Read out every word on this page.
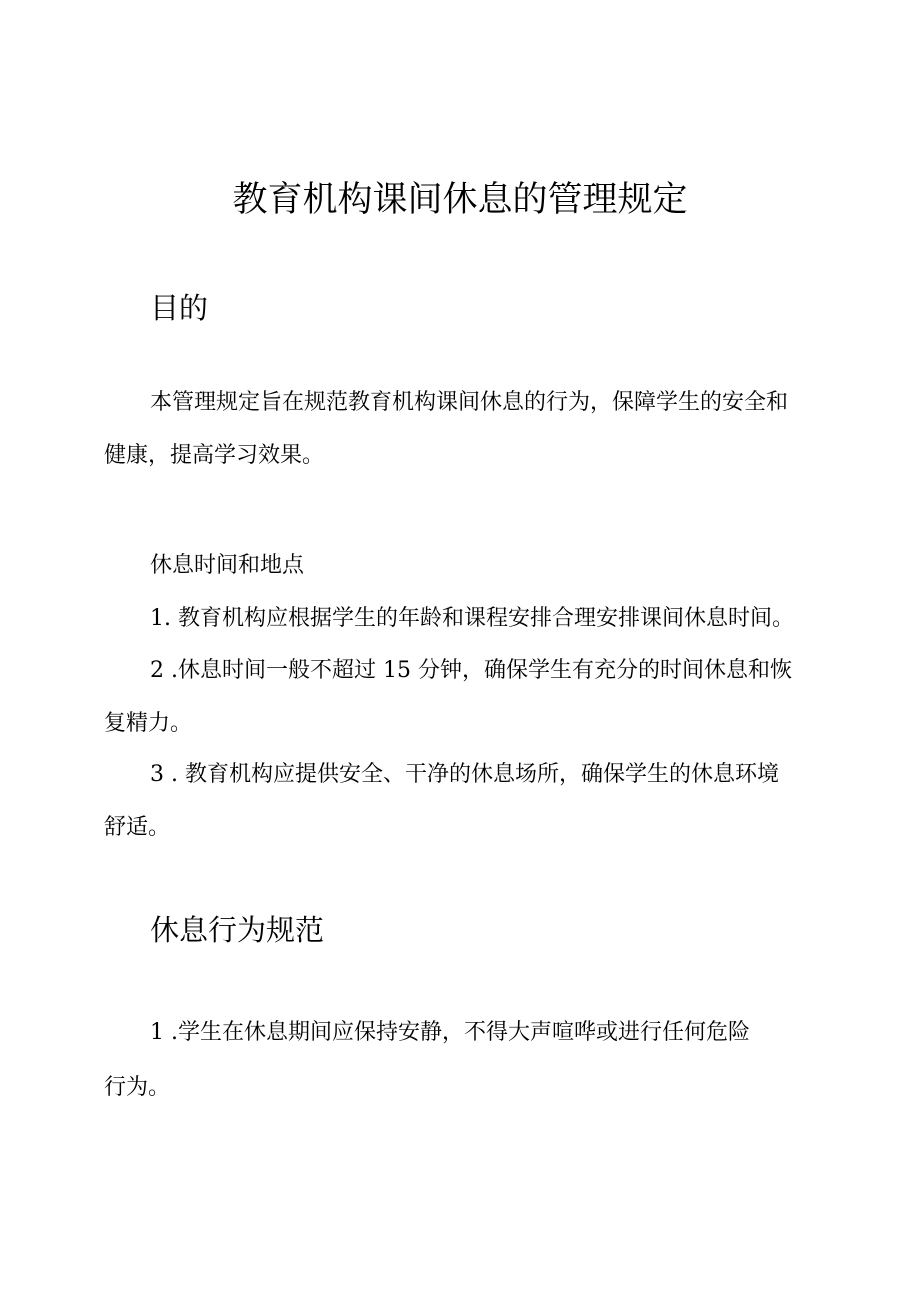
教育机构课间休息的管理规定
目的
本管理规定旨在规范教育机构课间休息的行为，保障学生的安全和
健康，提高学习效果。
休息时间和地点
1. 教育机构应根据学生的年龄和课程安排合理安排课间休息时间。
2 .休息时间一般不超过 15 分钟，确保学生有充分的时间休息和恢
复精力。
3 . 教育机构应提供安全、干净的休息场所，确保学生的休息环境
舒适。
休息行为规范
1 .学生在休息期间应保持安静，不得大声喧哗或进行任何危险
行为。
